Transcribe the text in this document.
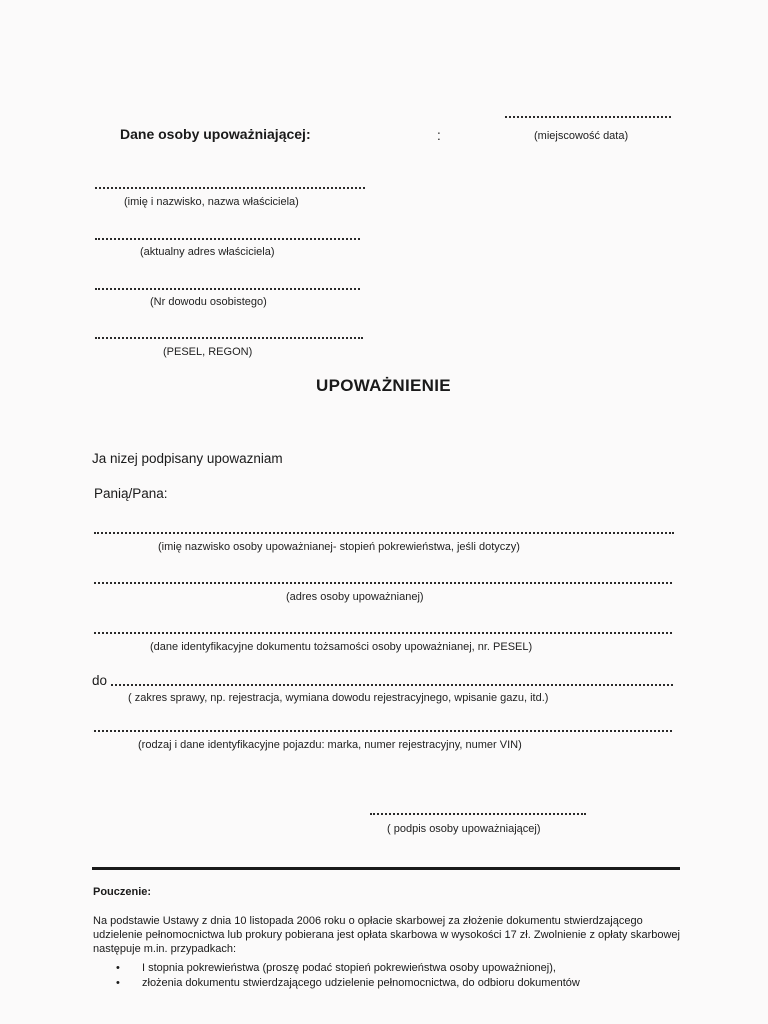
Dane osoby upoważniającej:	:	(miejscowość data)
(imię i nazwisko, nazwa właściciela)
(aktualny adres właściciela)
(Nr dowodu osobistego)
(PESEL, REGON)
UPOWAŻNIENIE
Ja nizej podpisany upowazniam
Panią/Pana:
(imię nazwisko osoby upoważnianej- stopień pokrewieństwa, jeśli dotyczy)
(adres osoby upoważnianej)
(dane identyfikacyjne dokumentu tożsamości osoby upoważnianej, nr. PESEL)
do
( zakres sprawy, np. rejestracja, wymiana dowodu rejestracyjnego, wpisanie gazu, itd.)
(rodzaj i dane identyfikacyjne pojazdu: marka, numer rejestracyjny, numer VIN)
( podpis osoby upoważniającej)
Pouczenie:
Na podstawie Ustawy z dnia 10 listopada 2006 roku o opłacie skarbowej za złożenie dokumentu stwierdzającego udzielenie pełnomocnictwa lub prokury pobierana jest opłata skarbowa w wysokości 17 zł. Zwolnienie z opłaty skarbowej następuje m.in. przypadkach:
• I stopnia pokrewieństwa (proszę podać stopień pokrewieństwa osoby upoważnionej),
• złożenia dokumentu stwierdzającego udzielenie pełnomocnictwa, do odbioru dokumentów
